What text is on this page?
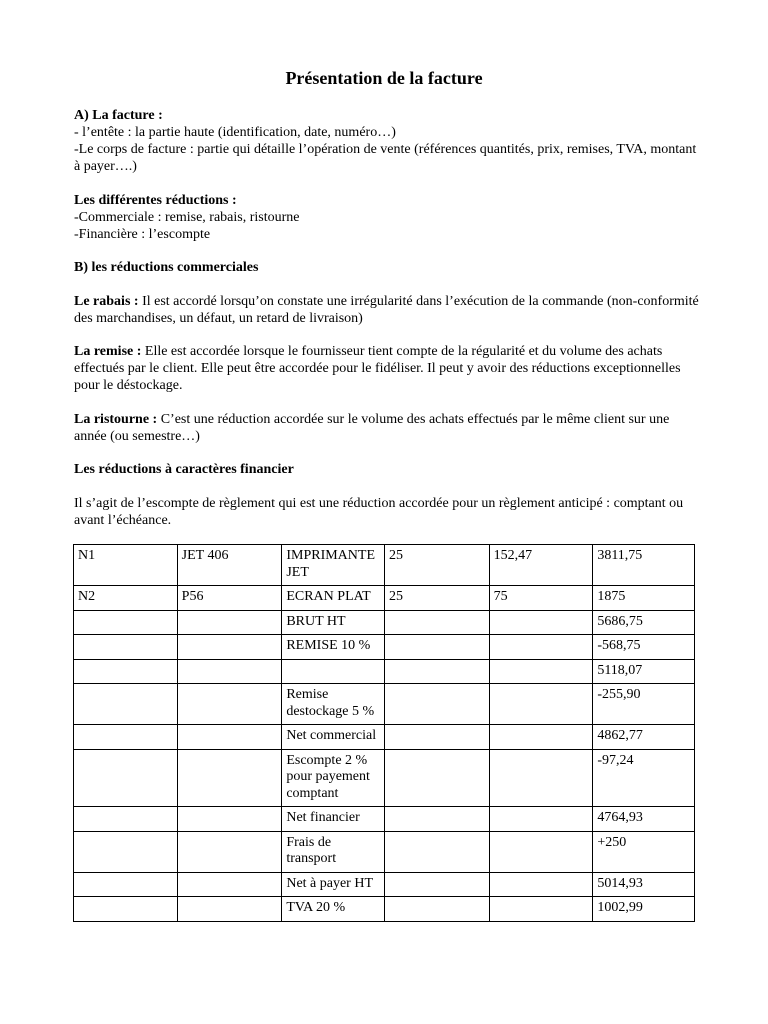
Présentation de la facture

A) La facture :

- l’entête : la partie haute (identification, date, numéro…)

-Le corps de facture : partie qui détaille l’opération de vente (références quantités, prix, remises, TVA, montant à payer….)

Les différentes réductions :

-Commerciale : remise, rabais, ristourne

-Financière : l’escompte

B) les réductions commerciales

Le rabais : Il est accordé lorsqu’on constate une irrégularité dans l’exécution de la commande (non-conformité des marchandises, un défaut, un retard de livraison)

La remise : Elle est accordée lorsque le fournisseur tient compte de la régularité et du volume des achats effectués par le client. Elle peut être accordée pour le fidéliser. Il peut y avoir des réductions exceptionnelles pour le déstockage.

La ristourne : C’est une réduction accordée sur le volume des achats effectués par le même client sur une année (ou semestre…)

Les réductions à caractères financier

Il s’agit de l’escompte de règlement qui est une réduction accordée pour un règlement anticipé : comptant ou avant l’échéance.

N1	JET 406	IMPRIMANTE JET	25	152,47	3811,75
N2	P56	ECRAN PLAT	25	75	1875
		BRUT HT			5686,75
		REMISE 10 %			-568,75
					5118,07
		Remise destockage 5 %			-255,90
		Net commercial			4862,77
		Escompte 2 % pour payement comptant			-97,24
		Net financier			4764,93
		Frais de transport			+250
		Net à payer HT			5014,93
		TVA 20 %			1002,99
